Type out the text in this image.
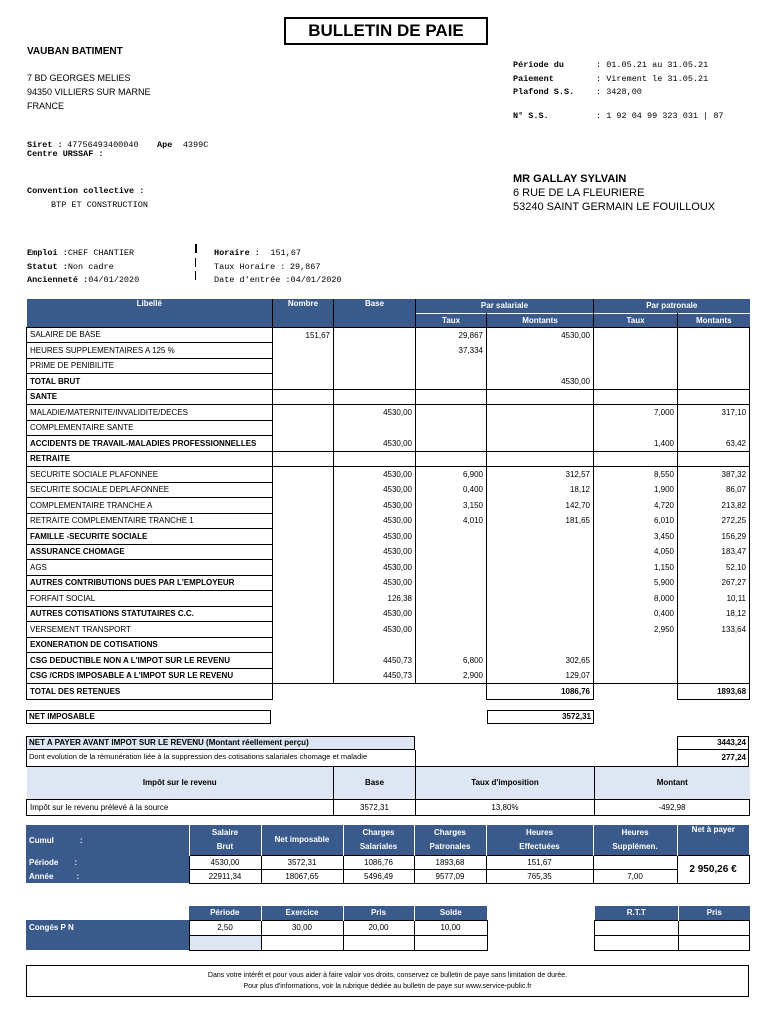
BULLETIN DE PAIE
VAUBAN BATIMENT
7 BD GEORGES MELIES
94350 VILLIERS SUR MARNE
FRANCE
Siret : 47756493400040 Ape 4399C
Centre URSSAF :
Convention collective :
BTP ET CONSTRUCTION
Période du	: 01.05.21 au 31.05.21
Paiement	: Virement le 31.05.21
Plafond S.S.	: 3428,00
N° S.S.	: 1 92 04 99 323 031 | 87
MR GALLAY SYLVAIN
6 RUE DE LA FLEURIERE
53240 SAINT GERMAIN LE FOUILLOUX
Emploi :CHEF CHANTIER
Statut :Non cadre
Ancienneté :04/01/2020
Horaire : 151,67
Taux Horaire : 29,867
Date d'entrée :04/01/2020
Libellé	Nombre	Base	Par salariale		Par patronale	
			Taux	Montants	Taux	Montants
SALAIRE DE BASE	151,67		29,867	4530,00		
HEURES SUPPLEMENTAIRES A 125 %			37,334			
PRIME DE PENIBILITE						
TOTAL BRUT				4530,00		
SANTE						
MALADIE/MATERNITE/INVALIDITE/DECES		4530,00			7,000	317,10
COMPLEMENTAIRE SANTE						
ACCIDENTS DE TRAVAIL-MALADIES PROFESSIONNELLES		4530,00			1,400	63,42
RETRAITE						
SECURITE SOCIALE PLAFONNEE		4530,00	6,900	312,57	8,550	387,32
SECURITE SOCIALE DEPLAFONNEE		4530,00	0,400	18,12	1,900	86,07
COMPLEMENTAIRE TRANCHE A		4530,00	3,150	142,70	4,720	213,82
RETRAITE COMPLEMENTAIRE TRANCHE 1		4530,00	4,010	181,65	6,010	272,25
FAMILLE -SECURITE SOCIALE		4530,00			3,450	156,29
ASSURANCE CHOMAGE		4530,00			4,050	183,47
AGS		4530,00			1,150	52,10
AUTRES CONTRIBUTIONS DUES PAR L'EMPLOYEUR		4530,00			5,900	267,27
FORFAIT SOCIAL		126,38			8,000	10,11
AUTRES COTISATIONS STATUTAIRES C.C.		4530,00			0,400	18,12
VERSEMENT TRANSPORT		4530,00			2,950	133,64
EXONERATION DE COTISATIONS						
CSG DEDUCTIBLE NON A L'IMPOT SUR LE REVENU		4450,73	6,800	302,65		
CSG /CRDS IMPOSABLE A L'IMPOT SUR LE REVENU		4450,73	2,900	129,07		
TOTAL DES RETENUES				1086,76		1893,68
NET IMPOSABLE	3572,31
NET A PAYER AVANT IMPOT SUR LE REVENU (Montant réellement perçu)	3443,24
Dont evolution de la rémunération liée à la suppression des cotisations salariales chomage et maladie	277,24
Impôt sur le revenu	Base	Taux d'imposition	Montant
Impôt sur le revenu prélevé à la source	3572,31	13,80%	-492,98
Cumul :	Salaire	Net imposable	Charges	Charges	Heures	Heures	Net à payer
	Brut		Salariales	Patronales	Effectuées	Supplémen.	
Période :	4530,00	3572,31	1086,76	1893,68	151,67		2 950,26 €
Année :	22911,34	18067,65	5496,49	9577,09	765,35	7,00	
	Période	Exercice	Pris	Solde
Congés P N	2,50	30,00	20,00	10,00

R.T.T	Pris

Dans votre intérêt et pour vous aider à faire valoir vos droits, conservez ce bulletin de paye sans limitation de durée.
Pour plus d'informations, voir la rubrique dédiée au bulletin de paye sur www.service-public.fr
